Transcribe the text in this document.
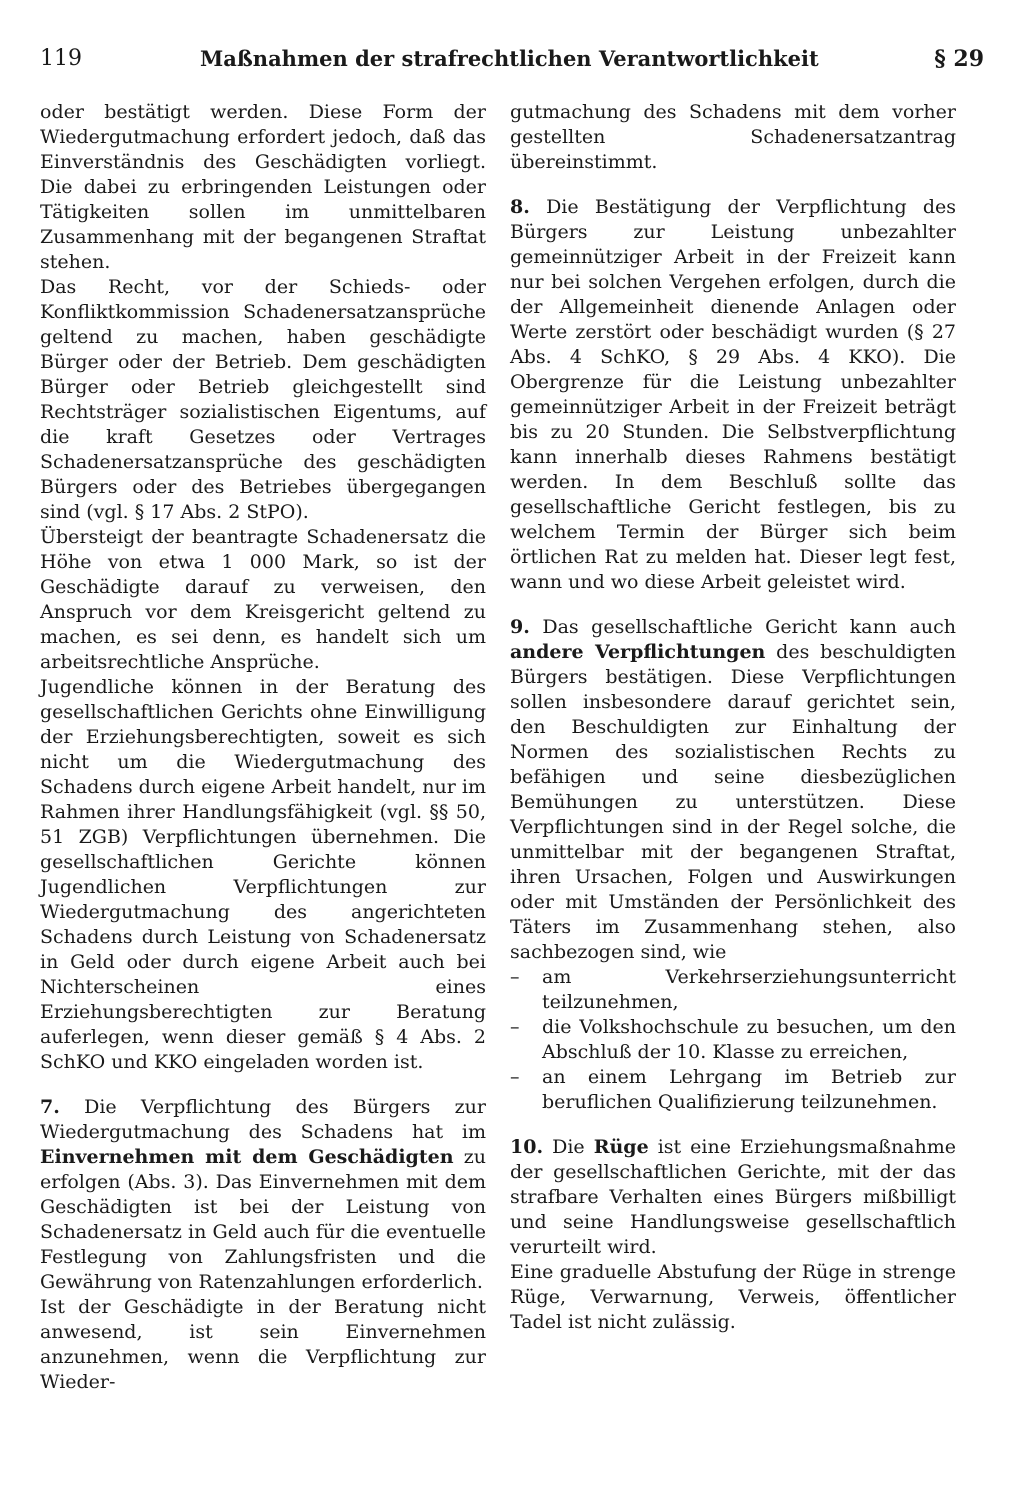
119	Maßnahmen der strafrechtlichen Verantwortlichkeit	§ 29

oder bestätigt werden. Diese Form der Wiedergutmachung erfordert jedoch, daß das Einverständnis des Geschädigten vorliegt. Die dabei zu erbringenden Leistungen oder Tätigkeiten sollen im unmittelbaren Zusammenhang mit der begangenen Straftat stehen.

Das Recht, vor der Schieds- oder Konfliktkommission Schadenersatzansprüche geltend zu machen, haben geschädigte Bürger oder der Betrieb. Dem geschädigten Bürger oder Betrieb gleichgestellt sind Rechtsträger sozialistischen Eigentums, auf die kraft Gesetzes oder Vertrages Schadenersatzansprüche des geschädigten Bürgers oder des Betriebes übergegangen sind (vgl. § 17 Abs. 2 StPO).

Übersteigt der beantragte Schadenersatz die Höhe von etwa 1 000 Mark, so ist der Geschädigte darauf zu verweisen, den Anspruch vor dem Kreisgericht geltend zu machen, es sei denn, es handelt sich um arbeitsrechtliche Ansprüche.

Jugendliche können in der Beratung des gesellschaftlichen Gerichts ohne Einwilligung der Erziehungsberechtigten, soweit es sich nicht um die Wiedergutmachung des Schadens durch eigene Arbeit handelt, nur im Rahmen ihrer Handlungsfähigkeit (vgl. §§ 50, 51 ZGB) Verpflichtungen übernehmen. Die gesellschaftlichen Gerichte können Jugendlichen Verpflichtungen zur Wiedergutmachung des angerichteten Schadens durch Leistung von Schadenersatz in Geld oder durch eigene Arbeit auch bei Nichterscheinen eines Erziehungsberechtigten zur Beratung auferlegen, wenn dieser gemäß § 4 Abs. 2 SchKO und KKO eingeladen worden ist.

7. Die Verpflichtung des Bürgers zur Wiedergutmachung des Schadens hat im Einvernehmen mit dem Geschädigten zu erfolgen (Abs. 3). Das Einvernehmen mit dem Geschädigten ist bei der Leistung von Schadenersatz in Geld auch für die eventuelle Festlegung von Zahlungsfristen und die Gewährung von Ratenzahlungen erforderlich.

Ist der Geschädigte in der Beratung nicht anwesend, ist sein Einvernehmen anzunehmen, wenn die Verpflichtung zur Wieder-

gutmachung des Schadens mit dem vorher gestellten Schadenersatzantrag übereinstimmt.

8. Die Bestätigung der Verpflichtung des Bürgers zur Leistung unbezahlter gemeinnütziger Arbeit in der Freizeit kann nur bei solchen Vergehen erfolgen, durch die der Allgemeinheit dienende Anlagen oder Werte zerstört oder beschädigt wurden (§ 27 Abs. 4 SchKO, § 29 Abs. 4 KKO). Die Obergrenze für die Leistung unbezahlter gemeinnütziger Arbeit in der Freizeit beträgt bis zu 20 Stunden. Die Selbstverpflichtung kann innerhalb dieses Rahmens bestätigt werden. In dem Beschluß sollte das gesellschaftliche Gericht festlegen, bis zu welchem Termin der Bürger sich beim örtlichen Rat zu melden hat. Dieser legt fest, wann und wo diese Arbeit geleistet wird.

9. Das gesellschaftliche Gericht kann auch andere Verpflichtungen des beschuldigten Bürgers bestätigen. Diese Verpflichtungen sollen insbesondere darauf gerichtet sein, den Beschuldigten zur Einhaltung der Normen des sozialistischen Rechts zu befähigen und seine diesbezüglichen Bemühungen zu unterstützen. Diese Verpflichtungen sind in der Regel solche, die unmittelbar mit der begangenen Straftat, ihren Ursachen, Folgen und Auswirkungen oder mit Umständen der Persönlichkeit des Täters im Zusammenhang stehen, also sachbezogen sind, wie

– am Verkehrserziehungsunterricht teilzunehmen,
– die Volkshochschule zu besuchen, um den Abschluß der 10. Klasse zu erreichen,
– an einem Lehrgang im Betrieb zur beruflichen Qualifizierung teilzunehmen.

10. Die Rüge ist eine Erziehungsmaßnahme der gesellschaftlichen Gerichte, mit der das strafbare Verhalten eines Bürgers mißbilligt und seine Handlungsweise gesellschaftlich verurteilt wird.

Eine graduelle Abstufung der Rüge in strenge Rüge, Verwarnung, Verweis, öffentlicher Tadel ist nicht zulässig.
